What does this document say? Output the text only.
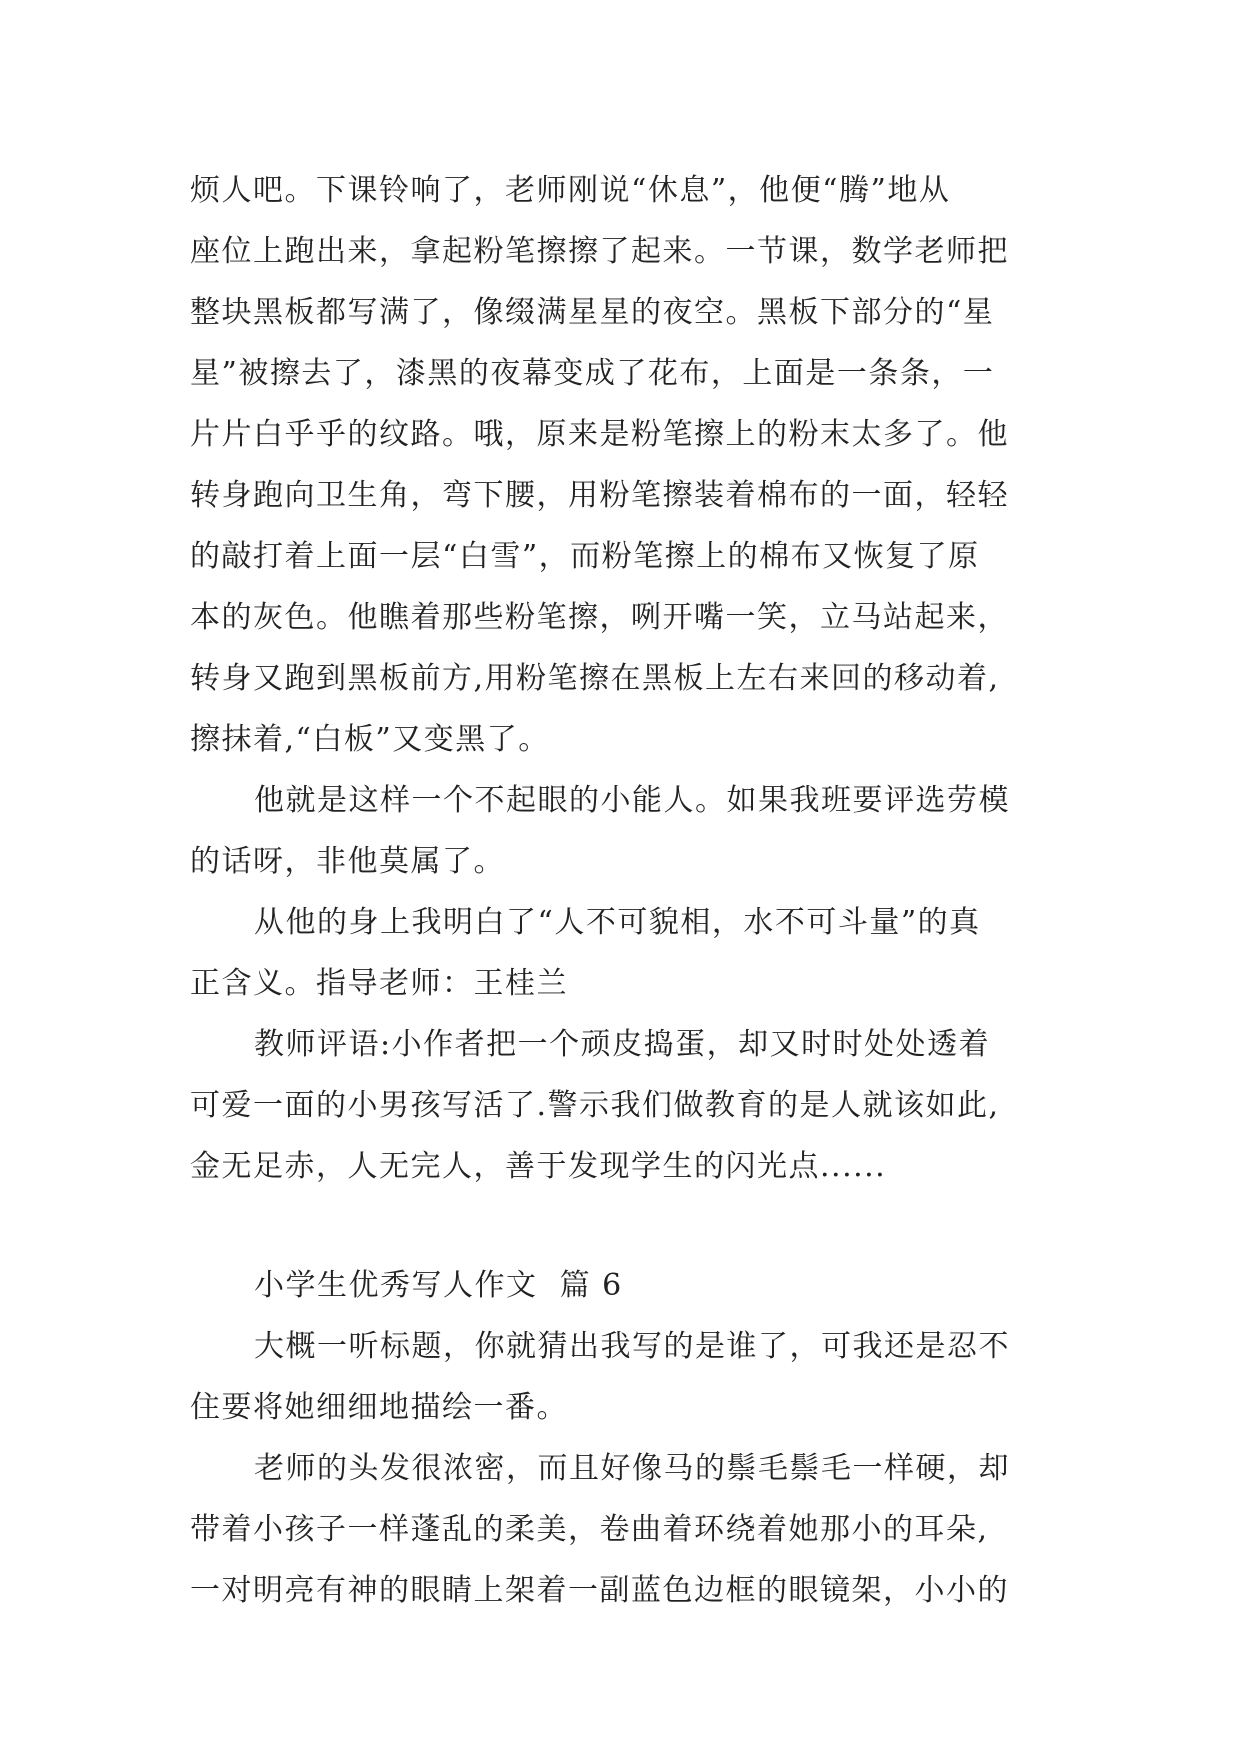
烦人吧。下课铃响了，老师刚说“休息”，他便“腾”地从
座位上跑出来，拿起粉笔擦擦了起来。一节课，数学老师把
整块黑板都写满了，像缀满星星的夜空。黑板下部分的“星
星”被擦去了，漆黑的夜幕变成了花布，上面是一条条，一
片片白乎乎的纹路。哦，原来是粉笔擦上的粉末太多了。他
转身跑向卫生角，弯下腰，用粉笔擦装着棉布的一面，轻轻
的敲打着上面一层“白雪”，而粉笔擦上的棉布又恢复了原
本的灰色。他瞧着那些粉笔擦，咧开嘴一笑，立马站起来，
转身又跑到黑板前方,用粉笔擦在黑板上左右来回的移动着,
擦抹着,“白板”又变黑了。
他就是这样一个不起眼的小能人。如果我班要评选劳模
的话呀，非他莫属了。
从他的身上我明白了“人不可貌相，水不可斗量”的真
正含义。指导老师：王桂兰
教师评语:小作者把一个顽皮捣蛋，却又时时处处透着
可爱一面的小男孩写活了.警示我们做教育的是人就该如此,
金无足赤，人无完人，善于发现学生的闪光点......
小学生优秀写人作文  篇 6
大概一听标题，你就猜出我写的是谁了，可我还是忍不
住要将她细细地描绘一番。
老师的头发很浓密，而且好像马的鬃毛鬃毛一样硬，却
带着小孩子一样蓬乱的柔美，卷曲着环绕着她那小的耳朵,
一对明亮有神的眼睛上架着一副蓝色边框的眼镜架，小小的
